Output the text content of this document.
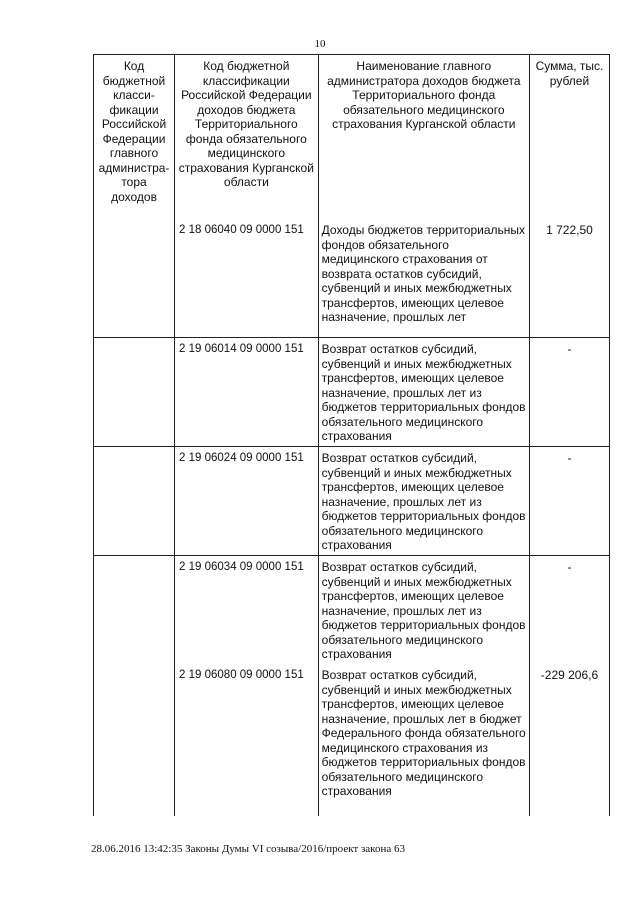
10
Код бюджетной класси-фикации Российской Федерации главного администра-тора доходов	Код бюджетной классификации Российской Федерации доходов бюджета Территориального фонда обязательного медицинского страхования Курганской области	Наименование главного администратора доходов бюджета Территориального фонда обязательного медицинского страхования Курганской области	Сумма, тыс. рублей
	2 18 06040 09 0000 151	Доходы бюджетов территориальных фондов обязательного медицинского страхования от возврата остатков субсидий, субвенций и иных межбюджетных трансфертов, имеющих целевое назначение, прошлых лет	1 722,50
	2 19 06014 09 0000 151	Возврат остатков субсидий, субвенций и иных межбюджетных трансфертов, имеющих целевое назначение, прошлых лет из бюджетов территориальных фондов обязательного медицинского страхования	-
	2 19 06024 09 0000 151	Возврат остатков субсидий, субвенций и иных межбюджетных трансфертов, имеющих целевое назначение, прошлых лет из бюджетов территориальных фондов обязательного медицинского страхования	-
	2 19 06034 09 0000 151	Возврат остатков субсидий, субвенций и иных межбюджетных трансфертов, имеющих целевое назначение, прошлых лет из бюджетов территориальных фондов обязательного медицинского страхования	-
	2 19 06080 09 0000 151	Возврат остатков субсидий, субвенций и иных межбюджетных трансфертов, имеющих целевое назначение, прошлых лет в бюджет Федерального фонда обязательного медицинского страхования из бюджетов территориальных фондов обязательного медицинского страхования	-229 206,6
28.06.2016 13:42:35 Законы Думы VI созыва/2016/проект закона 63
